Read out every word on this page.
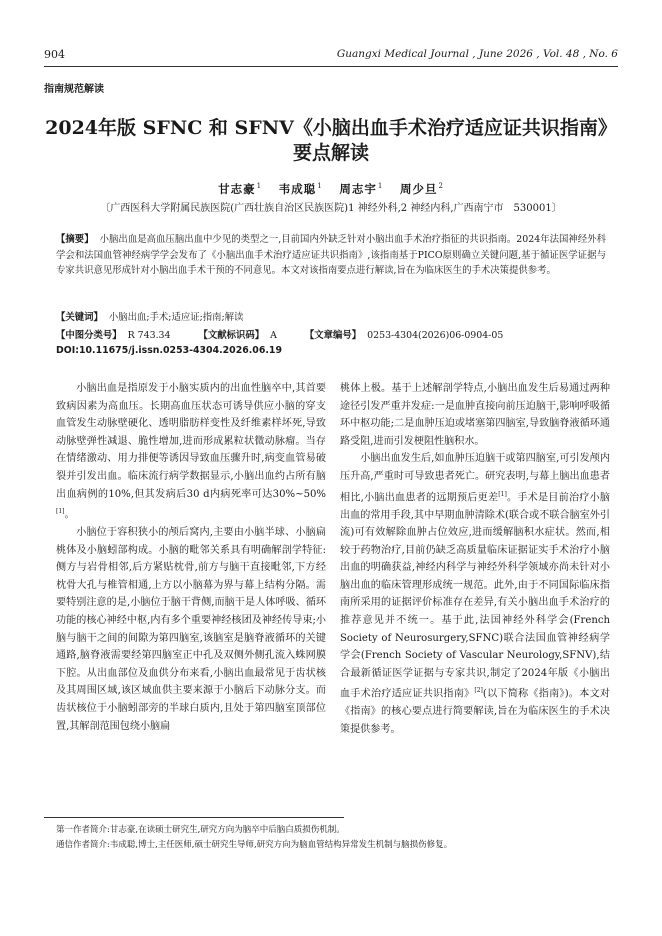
904	Guangxi Medical Journal , June 2026 , Vol. 48 , No. 6
指南规范解读
2024年版 SFNC 和 SFNV《小脑出血手术治疗适应证共识指南》
要点解读
甘志豪$^1$ 韦成聪$^1$ 周志宇$^1$ 周少旦$^2$
〔广西医科大学附属民族医院(广西壮族自治区民族医院)1 神经外科,2 神经内科,广西南宁市　530001〕
【摘要】 小脑出血是高血压脑出血中少见的类型之一,目前国内外缺乏针对小脑出血手术治疗指征的共识指南。2024年法国神经外科学会和法国血管神经病学学会发布了《小脑出血手术治疗适应证共识指南》,该指南基于PICO原则确立关键问题,基于循证医学证据与专家共识意见形成针对小脑出血手术干预的不同意见。本文对该指南要点进行解读,旨在为临床医生的手术决策提供参考。
【关键词】 小脑出血;手术;适应证;指南;解读
【中图分类号】 R 743.34	【文献标识码】 A	【文章编号】 0253-4304(2026)06-0904-05
DOI:10.11675/j.issn.0253-4304.2026.06.19

小脑出血是指原发于小脑实质内的出血性脑卒中,其首要致病因素为高血压。长期高血压状态可诱导供应小脑的穿支血管发生动脉壁硬化、透明脂肪样变性及纤维素样坏死,导致动脉壁弹性减退、脆性增加,进而形成累粒状微动脉瘤。当存在情绪激动、用力排便等诱因导致血压骤升时,病变血管易破裂并引发出血。临床流行病学数据显示,小脑出血约占所有脑出血病例的10%,但其发病后30 d内病死率可达30%~50%[1]。

小脑位于容积狭小的颅后窝内,主要由小脑半球、小脑扁桃体及小脑蚓部构成。小脑的毗邻关系具有明确解剖学特征:侧方与岩骨相邻,后方紧贴枕骨,前方与脑干直接毗邻,下方经枕骨大孔与椎管相通,上方以小脑幕为界与幕上结构分隔。需要特别注意的是,小脑位于脑干背侧,而脑干是人体呼吸、循环功能的核心神经中枢,内有多个重要神经核团及神经传导束;小脑与脑干之间的间隙为第四脑室,该脑室是脑脊液循环的关键通路,脑脊液需要经第四脑室正中孔及双侧外侧孔流入蛛网膜下腔。从出血部位及血供分布来看,小脑出血最常见于齿状核及其周围区域,该区域血供主要来源于小脑后下动脉分支。而齿状核位于小脑蚓部旁的半球白质内,且处于第四脑室顶部位置,其解剖范围包绕小脑扁

桃体上极。基于上述解剖学特点,小脑出血发生后易通过两种途径引发严重并发症:一是血肿直接向前压迫脑干,影响呼吸循环中枢功能;二是血肿压迫或堵塞第四脑室,导致脑脊液循环通路受阻,进而引发梗阻性脑积水。

小脑出血发生后,如血肿压迫脑干或第四脑室,可引发颅内压升高,严重时可导致患者死亡。研究表明,与幕上脑出血患者相比,小脑出血患者的远期预后更差[1]。手术是目前治疗小脑出血的常用手段,其中早期血肿清除术(联合或不联合脑室外引流)可有效解除血肿占位效应,进而缓解脑积水症状。然而,相较于药物治疗,目前仍缺乏高质量临床证据证实手术治疗小脑出血的明确获益,神经内科学与神经外科学领域亦尚未针对小脑出血的临床管理形成统一规范。此外,由于不同国际临床指南所采用的证据评价标准存在差异,有关小脑出血手术治疗的推荐意见并不统一。基于此,法国神经外科学会(French Society of Neurosurgery,SFNC)联合法国血管神经病学学会(French Society of Vascular Neurology,SFNV),结合最新循证医学证据与专家共识,制定了2024年版《小脑出血手术治疗适应证共识指南》[2](以下简称《指南》)。本文对《指南》的核心要点进行简要解读,旨在为临床医生的手术决策提供参考。

第一作者简介:甘志豪,在读硕士研究生,研究方向为脑卒中后脑白质损伤机制。
通信作者简介:韦成聪,博士,主任医师,硕士研究生导师,研究方向为脑血管结构异常发生机制与脑损伤修复。
